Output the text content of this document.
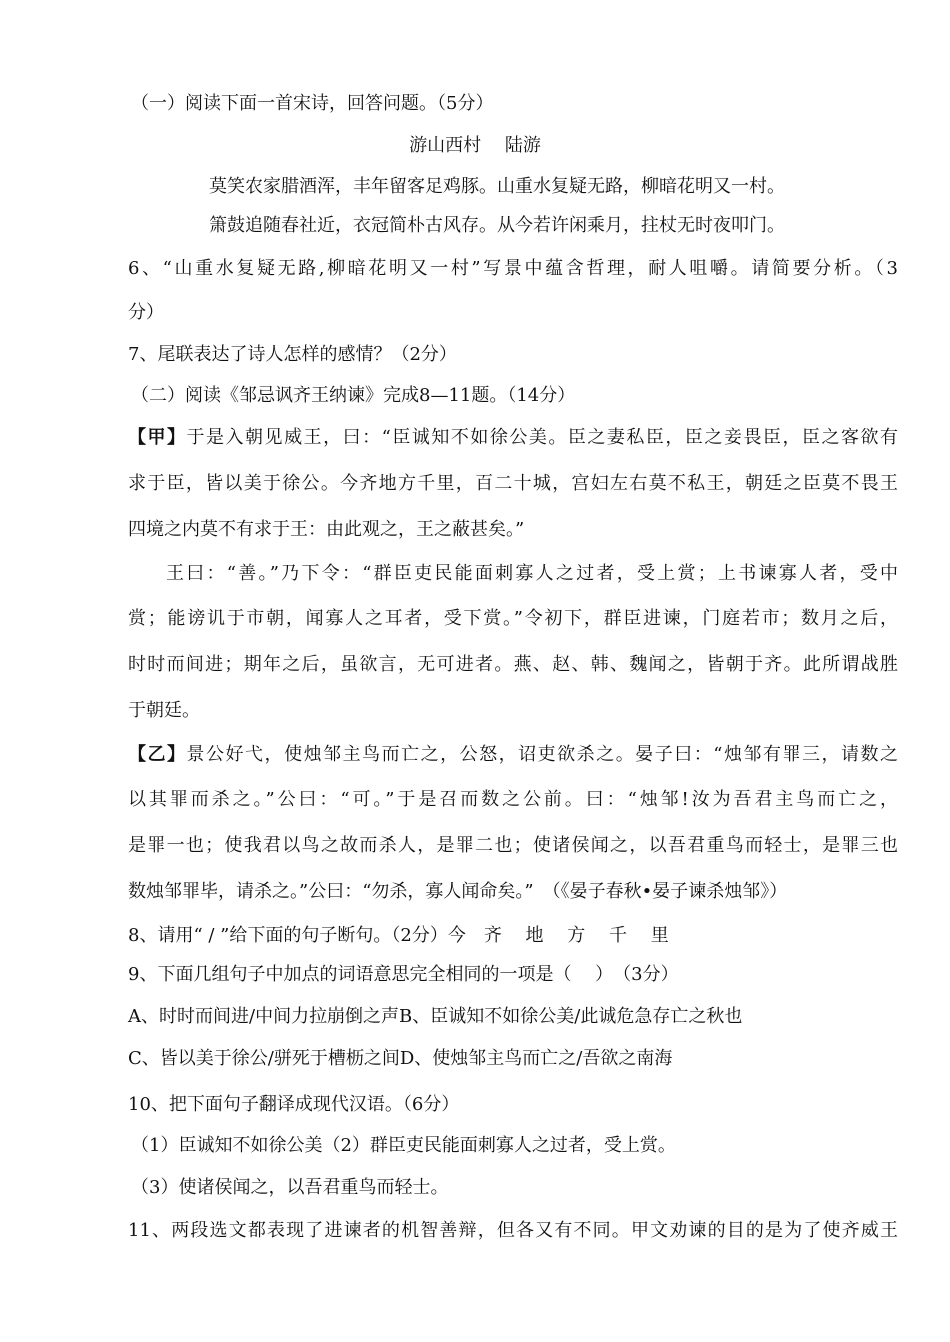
（一）阅读下面一首宋诗，回答问题。（5分）
游山西村　 陆游
莫笑农家腊酒浑，丰年留客足鸡豚。山重水复疑无路，柳暗花明又一村。
箫鼓追随春社近，衣冠简朴古风存。从今若许闲乘月，拄杖无时夜叩门。
6、“山重水复疑无路,柳暗花明又一村”写景中蕴含哲理，耐人咀嚼。请简要分析。（3
分）
7、尾联表达了诗人怎样的感情？（2分）
（二）阅读《邹忌讽齐王纳谏》完成8—11题。（14分）
【甲】于是入朝见威王，曰：“臣诚知不如徐公美。臣之妻私臣，臣之妾畏臣，臣之客欲有
求于臣，皆以美于徐公。今齐地方千里，百二十城，宫妇左右莫不私王，朝廷之臣莫不畏王
四境之内莫不有求于王：由此观之，王之蔽甚矣。”
王曰：“善。”乃下令：“群臣吏民能面刺寡人之过者，受上赏；上书谏寡人者，受中
赏；能谤讥于市朝，闻寡人之耳者，受下赏。”令初下，群臣进谏，门庭若市；数月之后，
时时而间进；期年之后，虽欲言，无可进者。燕、赵、韩、魏闻之，皆朝于齐。此所谓战胜
于朝廷。
【乙】景公好弋，使烛邹主鸟而亡之，公怒，诏吏欲杀之。晏子曰：“烛邹有罪三，请数之
以其罪而杀之。”公曰：“可。”于是召而数之公前。曰：“烛邹!汝为吾君主鸟而亡之，
是罪一也；使我君以鸟之故而杀人，是罪二也；使诸侯闻之，以吾君重鸟而轻士，是罪三也
数烛邹罪毕，请杀之。”公曰：“勿杀，寡人闻命矣。”　（《晏子春秋•晏子谏杀烛邹》）
8、请用“ / ”给下面的句子断句。（2分）今　齐　 地　 方　 千　 里
9、下面几组句子中加点的词语意思完全相同的一项是（　 ）　（3分）
A、时时而间进/中间力拉崩倒之声B、臣诚知不如徐公美/此诚危急存亡之秋也
C、皆以美于徐公/骈死于槽枥之间D、使烛邹主鸟而亡之/吾欲之南海
10、把下面句子翻译成现代汉语。（6分）
（1）臣诚知不如徐公美（2）群臣吏民能面刺寡人之过者，受上赏。
（3）使诸侯闻之，以吾君重鸟而轻士。
11、两段选文都表现了进谏者的机智善辩，但各又有不同。甲文劝谏的目的是为了使齐威王
